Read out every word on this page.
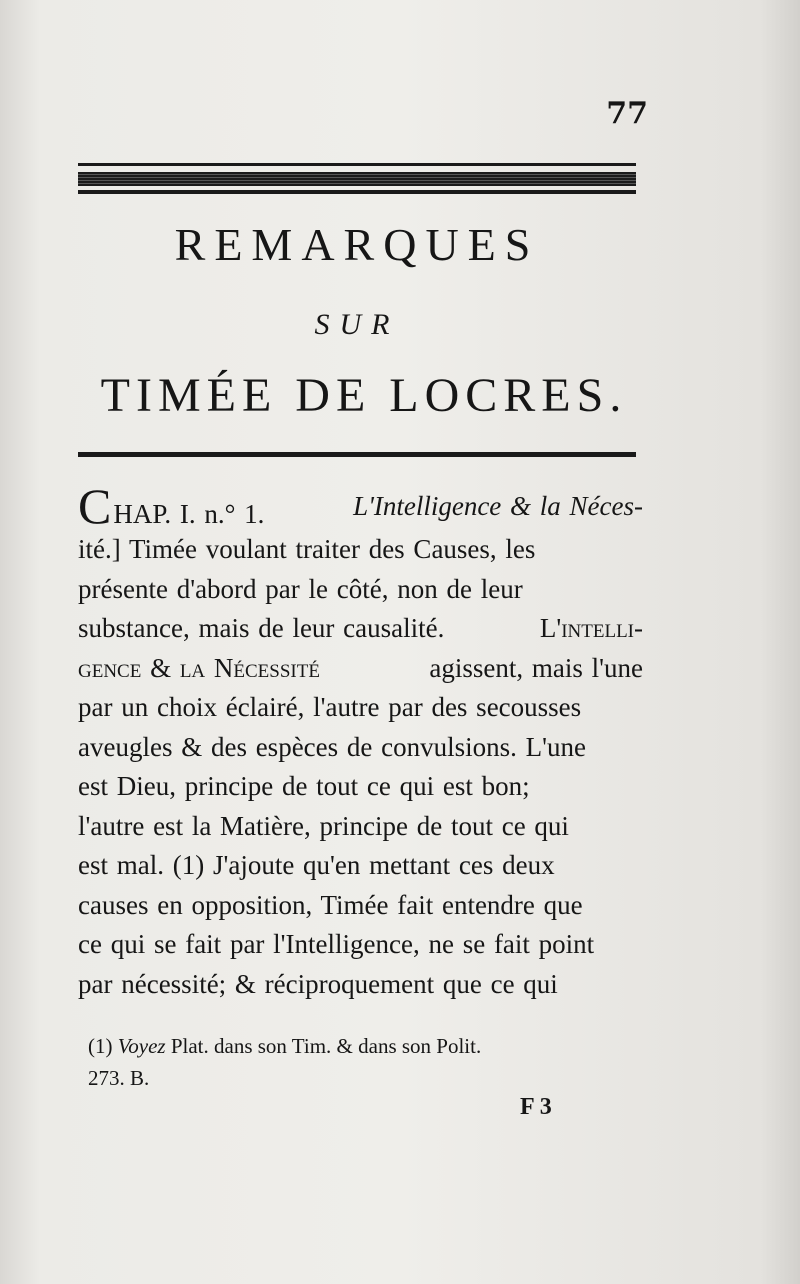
77
REMARQUES
SUR
TIMÉE DE LOCRES.
CHAP. I. n.° 1.	L'Intelligence & la Néces-
ité.] Timée voulant traiter des Causes, les
présente d'abord par le côté, non de leur
substance, mais de leur causalité.	L'intelli-
gence & la Nécessité	agissent, mais l'une
par un choix éclairé, l'autre par des secousses
aveugles & des espèces de convulsions. L'une
est Dieu, principe de tout ce qui est bon;
l'autre est la Matière, principe de tout ce qui
est mal. (1) J'ajoute qu'en mettant ces deux
causes en opposition, Timée fait entendre que
ce qui se fait par l'Intelligence, ne se fait point
par nécessité; & réciproquement que ce qui
(1) Voyez Plat. dans son Tim. & dans son Polit.
273. B.
F 3
